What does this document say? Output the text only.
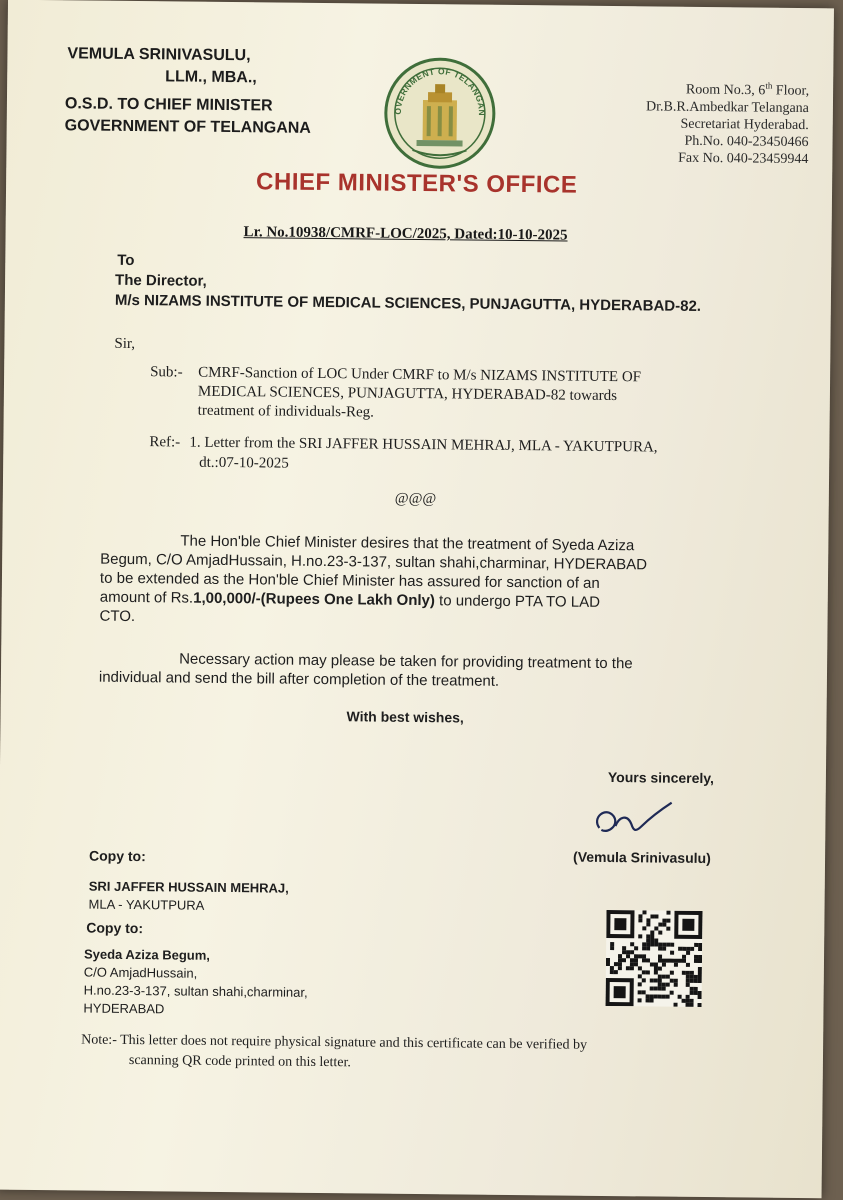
VEMULA SRINIVASULU,
LLM., MBA.,
O.S.D. TO CHIEF MINISTER
GOVERNMENT OF TELANGANA
GOVERNMENT OF TELANGANA
Room No.3, 6th Floor,
Dr.B.R.Ambedkar Telangana
Secretariat Hyderabad.
Ph.No. 040-23450466
Fax No. 040-23459944
CHIEF MINISTER'S OFFICE
Lr. No.10938/CMRF-LOC/2025, Dated:10-10-2025
To
The Director,
M/s NIZAMS INSTITUTE OF MEDICAL SCIENCES, PUNJAGUTTA, HYDERABAD-82.
Sir,
Sub:- CMRF-Sanction of LOC Under CMRF to M/s NIZAMS INSTITUTE OF
MEDICAL SCIENCES, PUNJAGUTTA, HYDERABAD-82 towards
treatment of individuals-Reg.
Ref:- 1. Letter from the SRI JAFFER HUSSAIN MEHRAJ, MLA - YAKUTPURA,
dt.:07-10-2025
@@@
The Hon'ble Chief Minister desires that the treatment of Syeda Aziza
Begum, C/O AmjadHussain, H.no.23-3-137, sultan shahi,charminar, HYDERABAD
to be extended as the Hon'ble Chief Minister has assured for sanction of an
amount of Rs.1,00,000/-(Rupees One Lakh Only) to undergo PTA TO LAD
CTO.
Necessary action may please be taken for providing treatment to the
individual and send the bill after completion of the treatment.
With best wishes,
Yours sincerely,
(Vemula Srinivasulu)
Copy to:
SRI JAFFER HUSSAIN MEHRAJ,
MLA - YAKUTPURA
Copy to:
Syeda Aziza Begum,
C/O AmjadHussain,
H.no.23-3-137, sultan shahi,charminar,
HYDERABAD
Note:- This letter does not require physical signature and this certificate can be verified by
scanning QR code printed on this letter.
